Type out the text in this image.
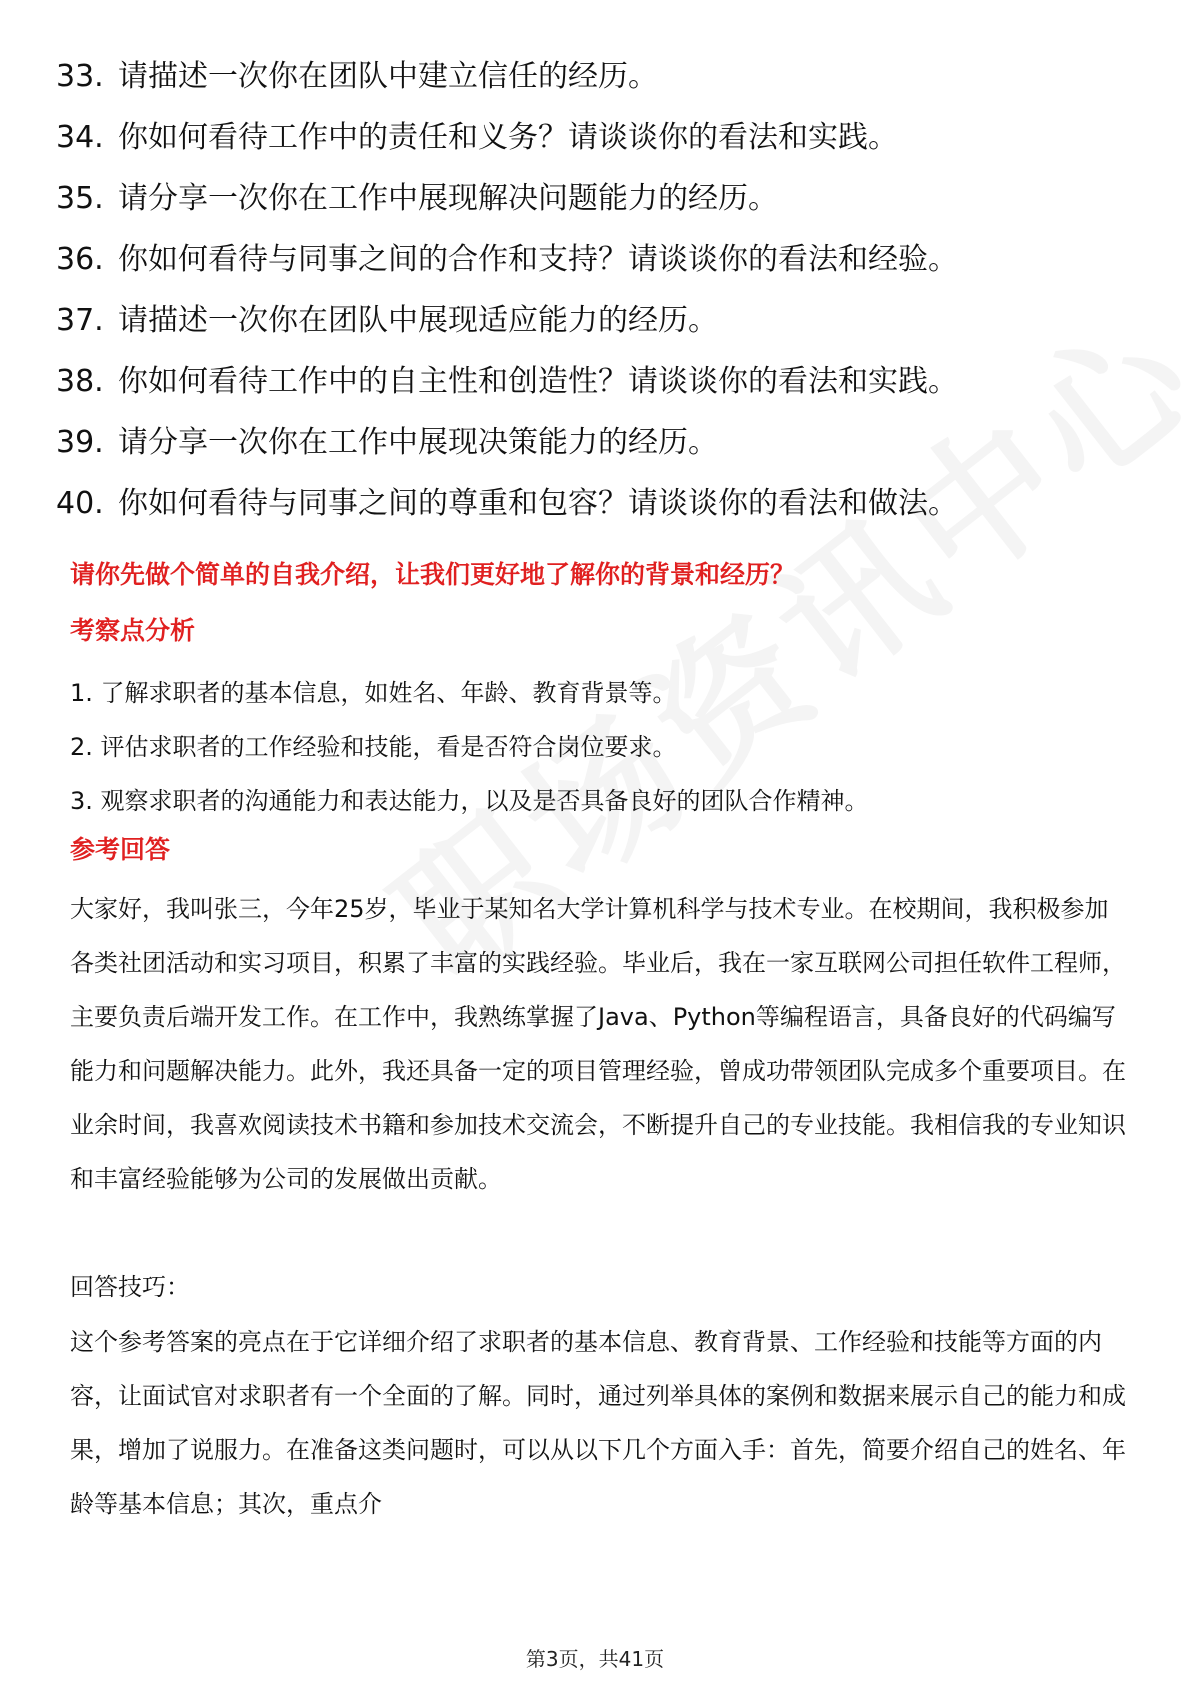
33. 请描述一次你在团队中建立信任的经历。
34. 你如何看待工作中的责任和义务？请谈谈你的看法和实践。
35. 请分享一次你在工作中展现解决问题能力的经历。
36. 你如何看待与同事之间的合作和支持？请谈谈你的看法和经验。
37. 请描述一次你在团队中展现适应能力的经历。
38. 你如何看待工作中的自主性和创造性？请谈谈你的看法和实践。
39. 请分享一次你在工作中展现决策能力的经历。
40. 你如何看待与同事之间的尊重和包容？请谈谈你的看法和做法。
请你先做个简单的自我介绍，让我们更好地了解你的背景和经历？
考察点分析
1. 了解求职者的基本信息，如姓名、年龄、教育背景等。
2. 评估求职者的工作经验和技能，看是否符合岗位要求。
3. 观察求职者的沟通能力和表达能力，以及是否具备良好的团队合作精神。
参考回答
大家好，我叫张三，今年25岁，毕业于某知名大学计算机科学与技术专业。在校期间，我积极参加各类社团活动和实习项目，积累了丰富的实践经验。毕业后，我在一家互联网公司担任软件工程师，主要负责后端开发工作。在工作中，我熟练掌握了Java、Python等编程语言，具备良好的代码编写能力和问题解决能力。此外，我还具备一定的项目管理经验，曾成功带领团队完成多个重要项目。在业余时间，我喜欢阅读技术书籍和参加技术交流会，不断提升自己的专业技能。我相信我的专业知识和丰富经验能够为公司的发展做出贡献。
回答技巧：
这个参考答案的亮点在于它详细介绍了求职者的基本信息、教育背景、工作经验和技能等方面的内容，让面试官对求职者有一个全面的了解。同时，通过列举具体的案例和数据来展示自己的能力和成果，增加了说服力。在准备这类问题时，可以从以下几个方面入手：首先，简要介绍自己的姓名、年龄等基本信息；其次，重点介
第3页，共41页
